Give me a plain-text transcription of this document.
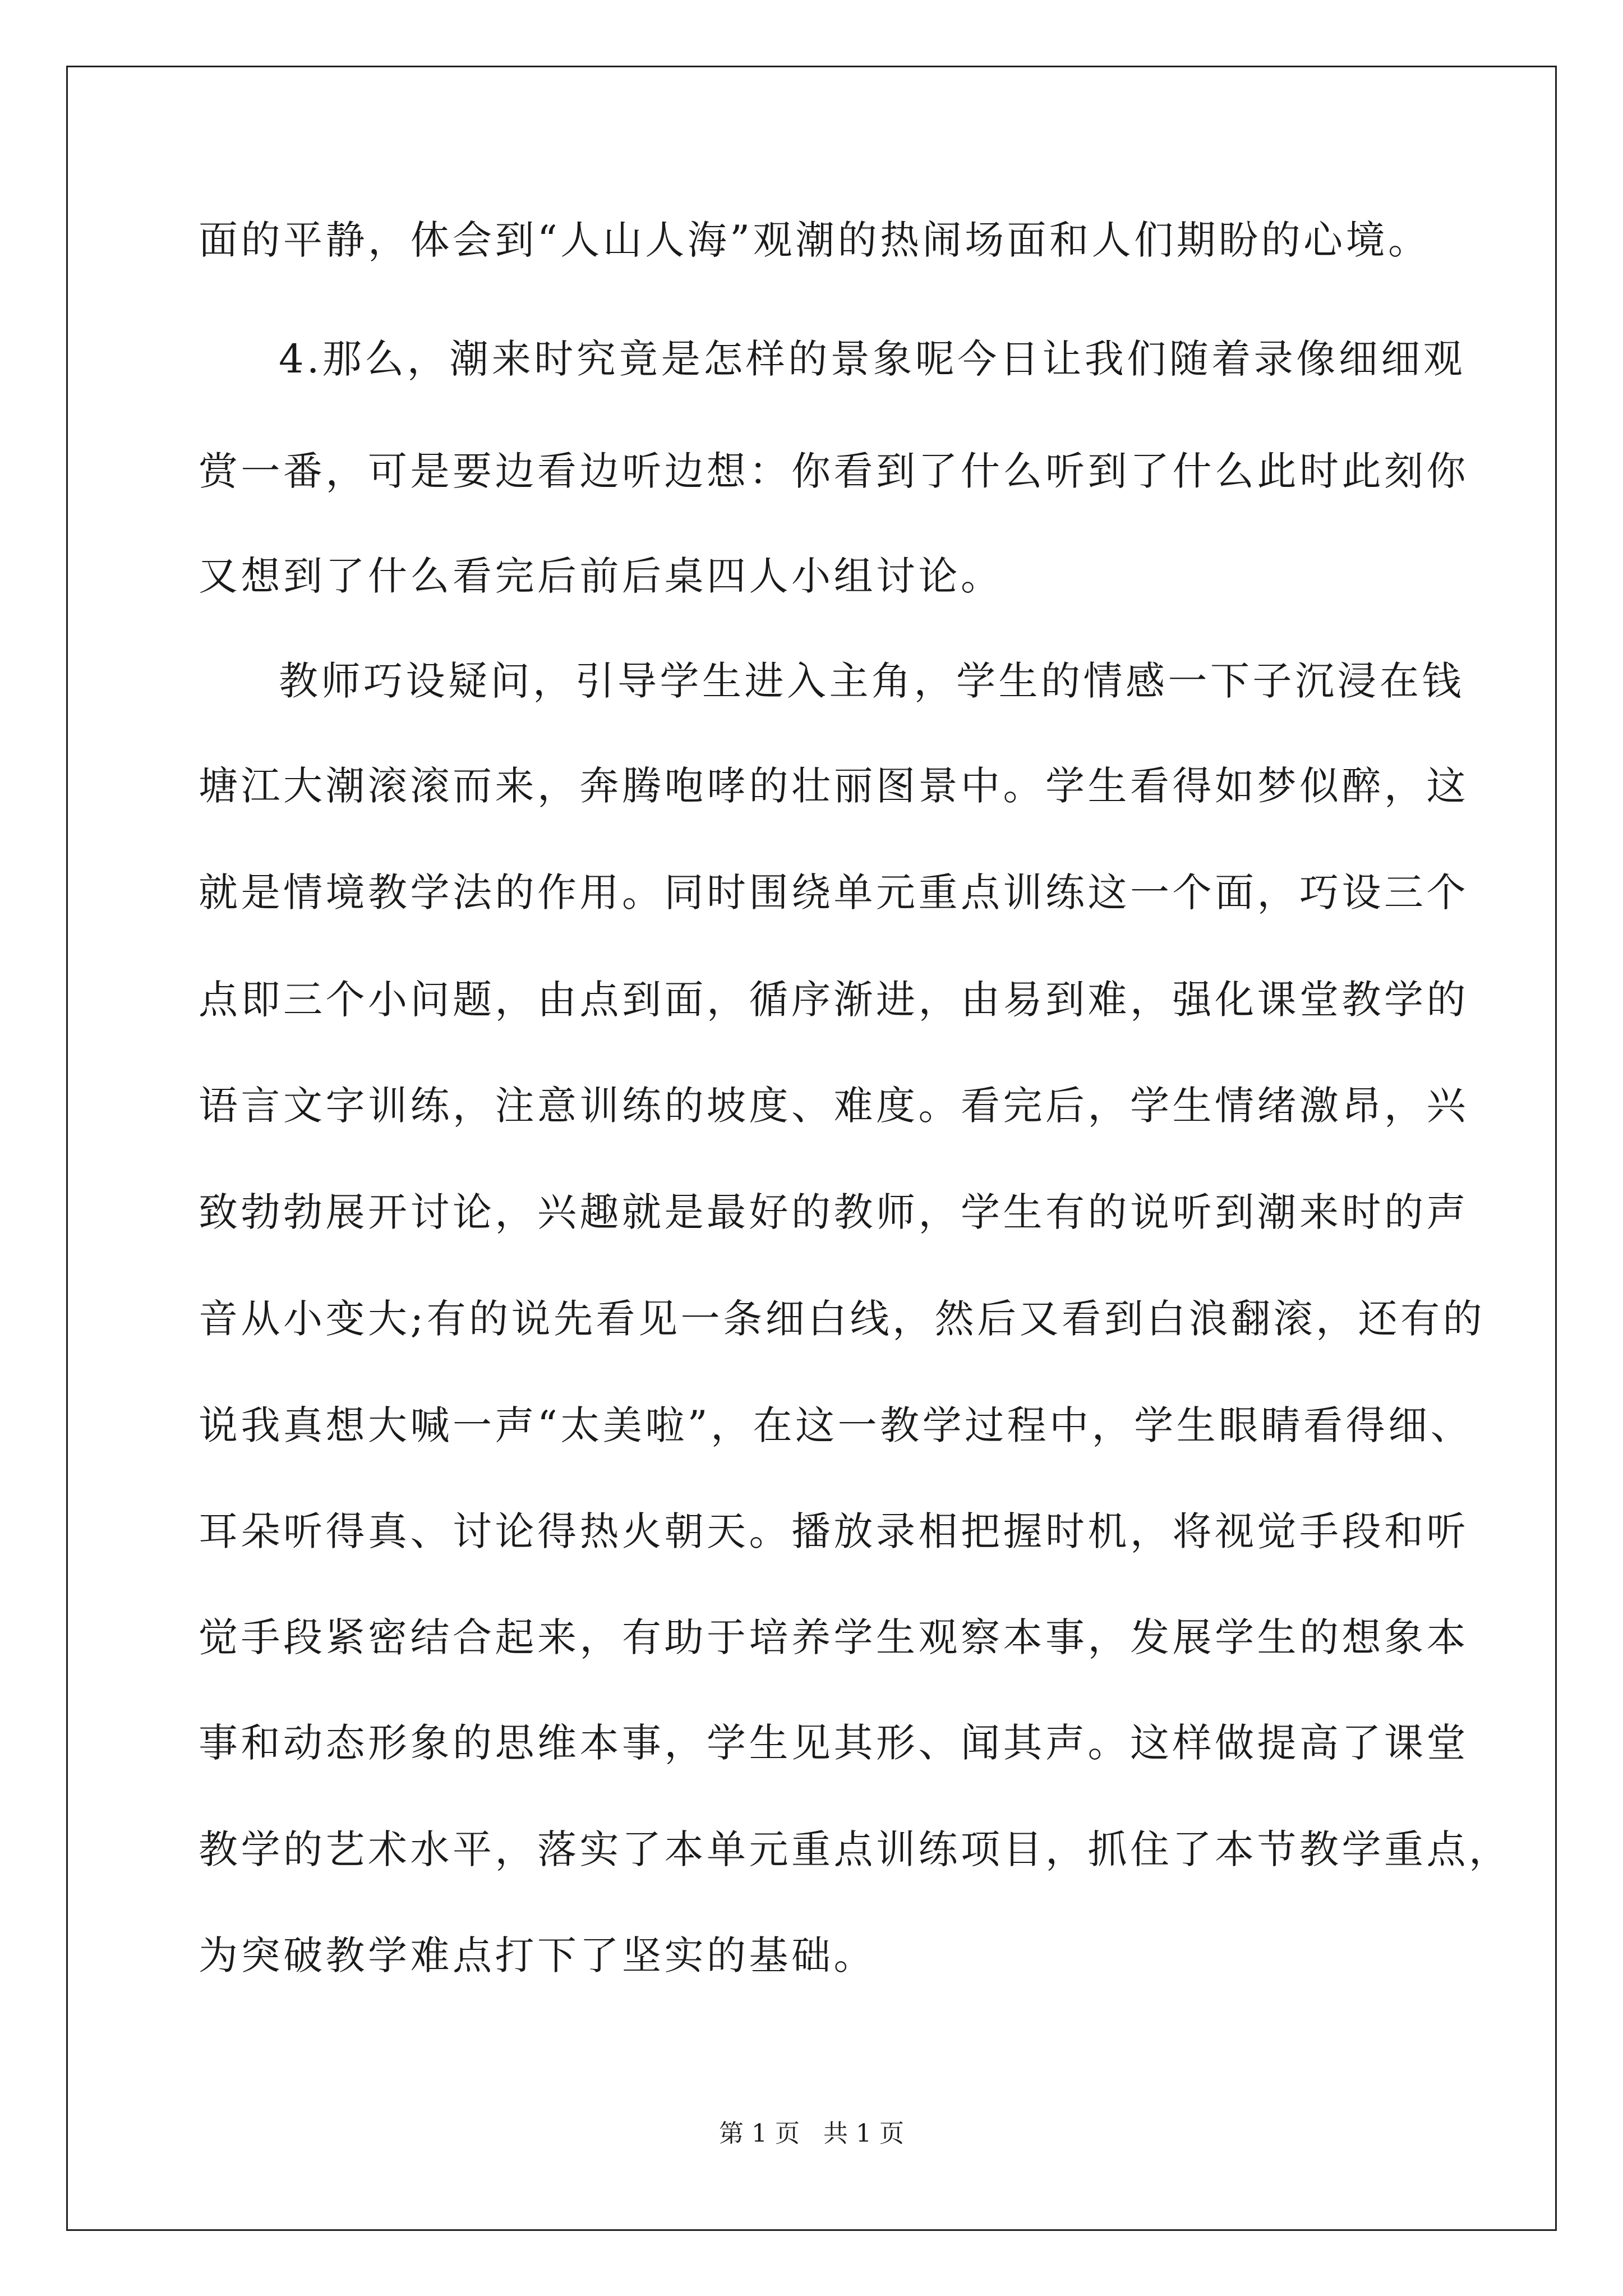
面的平静，体会到“人山人海”观潮的热闹场面和人们期盼的心境。
4.那么，潮来时究竟是怎样的景象呢今日让我们随着录像细细观
赏一番，可是要边看边听边想：你看到了什么听到了什么此时此刻你
又想到了什么看完后前后桌四人小组讨论。
教师巧设疑问，引导学生进入主角，学生的情感一下子沉浸在钱
塘江大潮滚滚而来，奔腾咆哮的壮丽图景中。学生看得如梦似醉，这
就是情境教学法的作用。同时围绕单元重点训练这一个面，巧设三个
点即三个小问题，由点到面，循序渐进，由易到难，强化课堂教学的
语言文字训练，注意训练的坡度、难度。看完后，学生情绪激昂，兴
致勃勃展开讨论，兴趣就是最好的教师，学生有的说听到潮来时的声
音从小变大;有的说先看见一条细白线，然后又看到白浪翻滚，还有的
说我真想大喊一声“太美啦”，在这一教学过程中，学生眼睛看得细、
耳朵听得真、讨论得热火朝天。播放录相把握时机，将视觉手段和听
觉手段紧密结合起来，有助于培养学生观察本事，发展学生的想象本
事和动态形象的思维本事，学生见其形、闻其声。这样做提高了课堂
教学的艺术水平，落实了本单元重点训练项目，抓住了本节教学重点，
为突破教学难点打下了坚实的基础。
第 1 页   共 1 页
